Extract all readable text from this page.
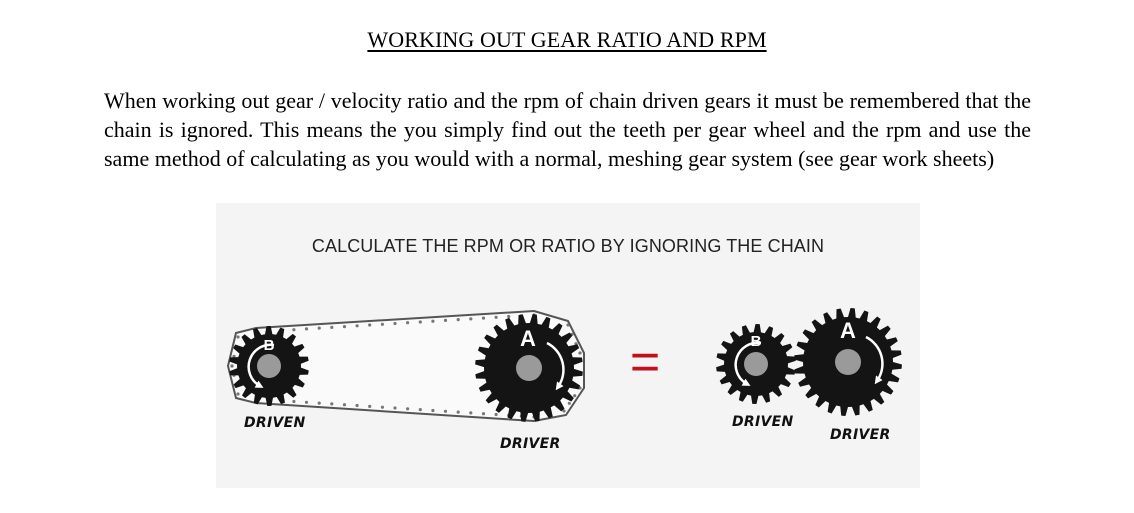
WORKING OUT GEAR RATIO AND RPM

When working out gear / velocity ratio and the rpm of chain driven gears it must be remembered that the chain is ignored. This means the you simply find out the teeth per gear wheel and the rpm and use the same method of calculating as you would with a normal, meshing gear system (see gear work sheets)

B	A	B	A
=
CALCULATE THE RPM OR RATIO BY IGNORING THE CHAIN
DRIVEN
DRIVER
DRIVEN
DRIVER
